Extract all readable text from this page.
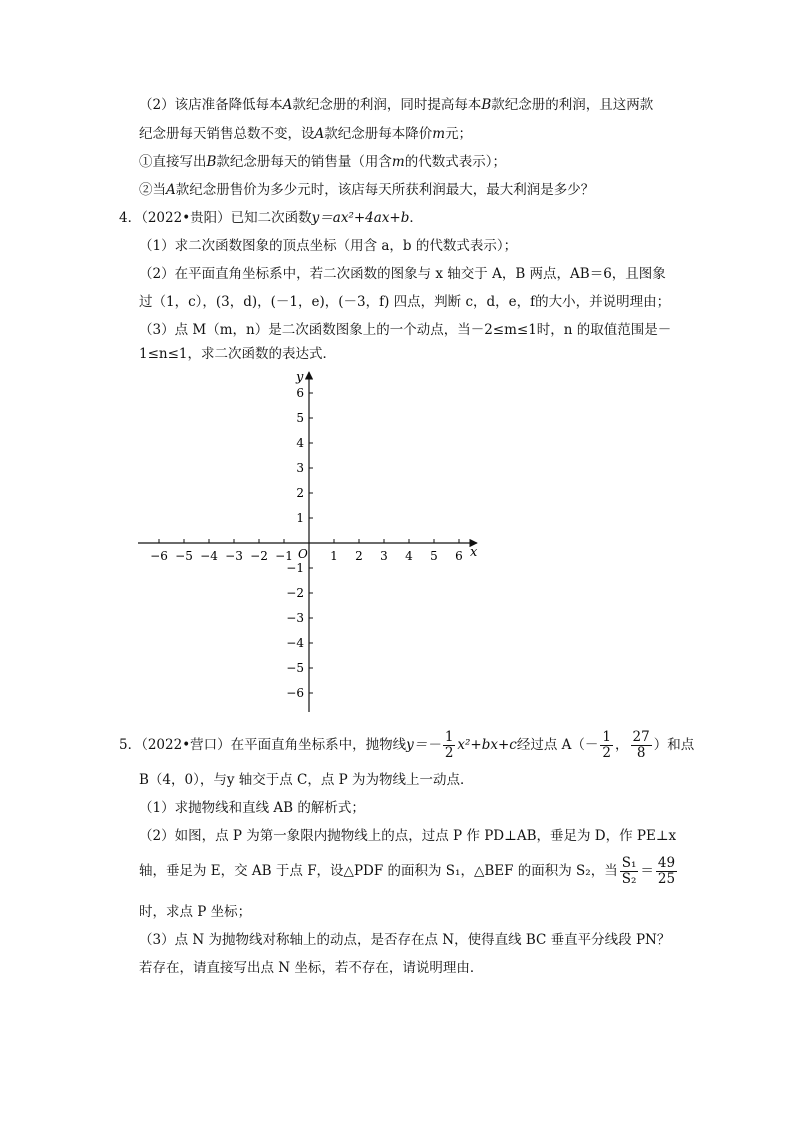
（2）该店准备降低每本A款纪念册的利润，同时提高每本B款纪念册的利润，且这两款
纪念册每天销售总数不变，设A款纪念册每本降价m元；
①直接写出B款纪念册每天的销售量（用含m的代数式表示）；
②当A款纪念册售价为多少元时，该店每天所获利润最大，最大利润是多少？
4．（2022•贵阳）已知二次函数y＝ax²+4ax+b．
（1）求二次函数图象的顶点坐标（用含 a，b 的代数式表示）；
（2）在平面直角坐标系中，若二次函数的图象与 x 轴交于 A，B 两点，AB＝6，且图象
过（1，c），(3，d)，(－1，e)，(－3，f) 四点，判断 c，d，e，f的大小，并说明理由；
（3）点 M（m，n）是二次函数图象上的一个动点，当－2≤m≤1时，n 的取值范围是－
1≤n≤1，求二次函数的表达式．
−6 −5 −4 −3 −2 −1	1 2 3 4 5 6
−6
−5
−4
−3
−2
−1
1
2
3
4
5
6
x
y
O
5．（2022•营口）在平面直角坐标系中，抛物线$y=- \frac{1}{2} x^2+bx+c$经过点 $A(- \frac{1}{2}$ ， $\frac{27}{8}$ ）和点
B（4，0），与y 轴交于点 C，点 P 为为物线上一动点．
（1）求抛物线和直线 AB 的解析式；
（2）如图，点 P 为第一象限内抛物线上的点，过点 P 作 PD⊥AB，垂足为 D，作 PE⊥x
轴，垂足为 E，交 AB 于点 F，设△PDF 的面积为 S₁，△BEF 的面积为 S₂，当 $\frac{\text{S₁}}{\text{S₂}} = \frac{49}{25}$
时，求点 P 坐标；
（3）点 N 为抛物线对称轴上的动点，是否存在点 N，使得直线 BC 垂直平分线段 PN？
若存在，请直接写出点 N 坐标，若不存在，请说明理由．
